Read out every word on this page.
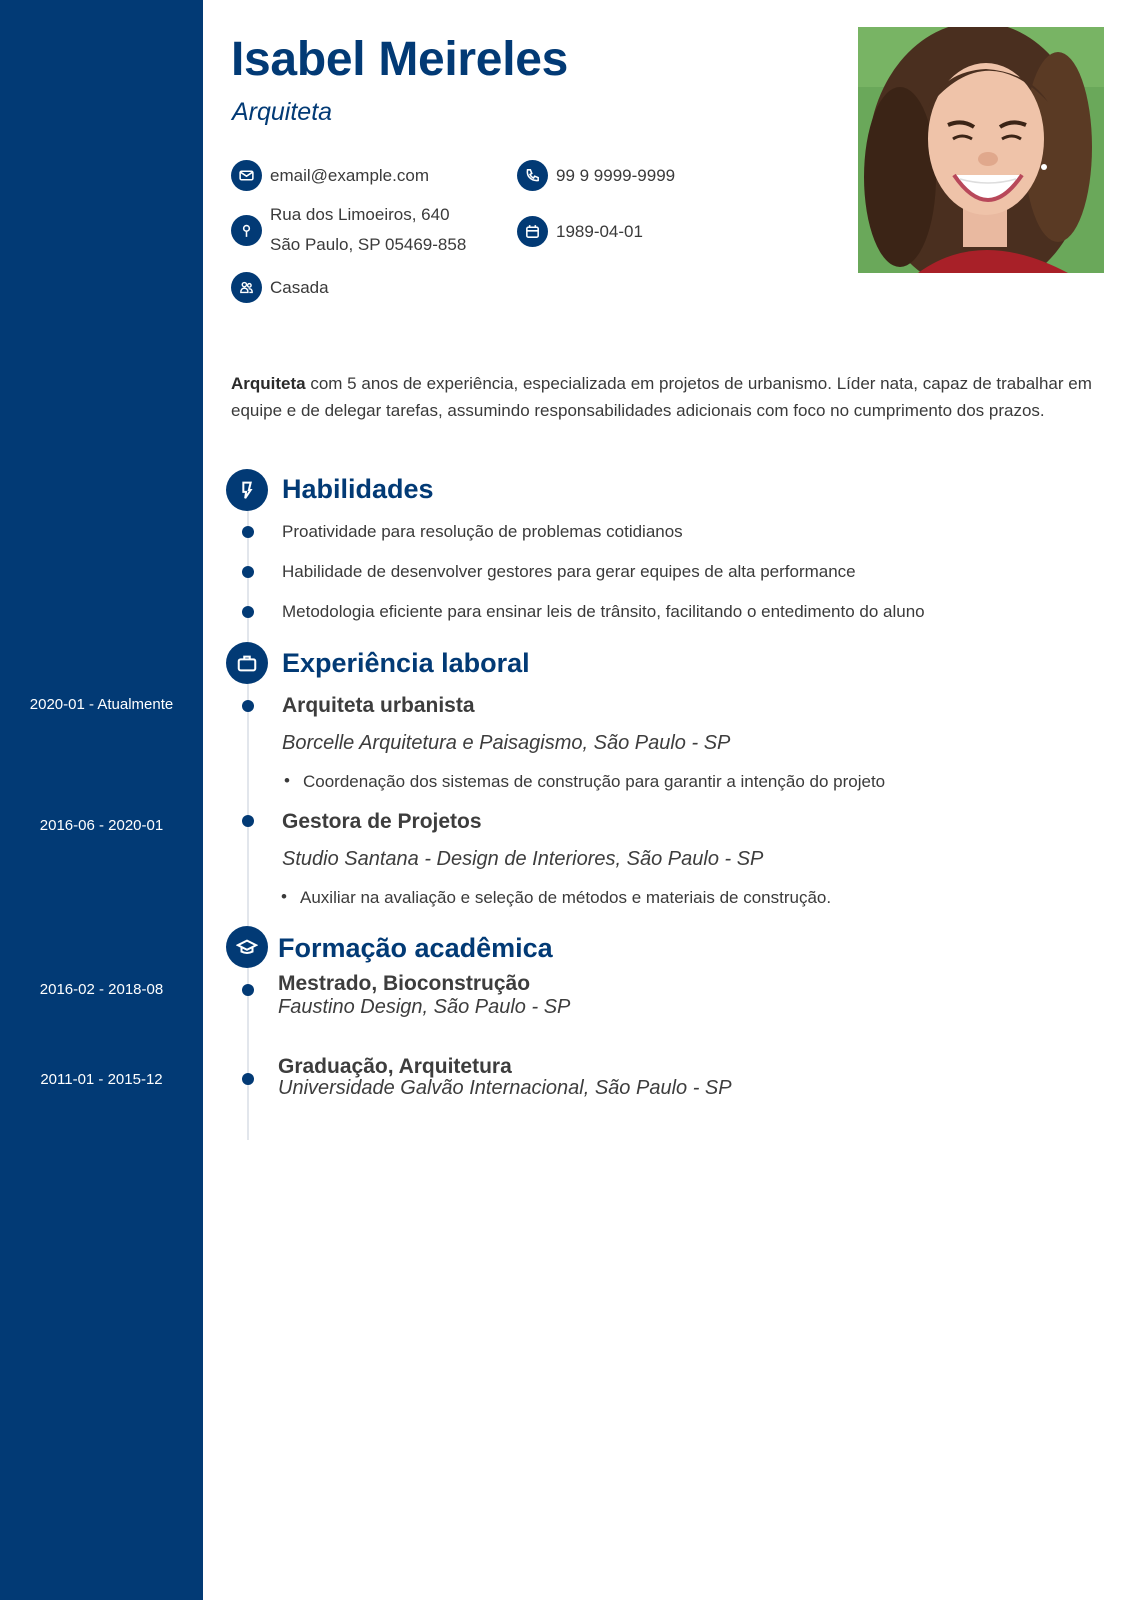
2020-01 - Atualmente
2016-06 - 2020-01
2016-02 - 2018-08
2011-01 - 2015-12
Isabel Meireles
Arquiteta
email@example.com	99 9 9999-9999
Rua dos Limoeiros, 640
São Paulo, SP 05469-858
1989-04-01
Casada
Arquiteta com 5 anos de experiência, especializada em projetos de urbanismo. Líder nata, capaz de trabalhar em equipe e de delegar tarefas, assumindo responsabilidades adicionais com foco no cumprimento dos prazos.
Habilidades
Proatividade para resolução de problemas cotidianos
Habilidade de desenvolver gestores para gerar equipes de alta performance
Metodologia eficiente para ensinar leis de trânsito, facilitando o entedimento do aluno
Experiência laboral
Arquiteta urbanista
Borcelle Arquitetura e Paisagismo, São Paulo - SP
• Coordenação dos sistemas de construção para garantir a intenção do projeto
Gestora de Projetos
Studio Santana - Design de Interiores, São Paulo - SP
• Auxiliar na avaliação e seleção de métodos e materiais de construção.
Formação acadêmica
Mestrado, Bioconstrução
Faustino Design, São Paulo - SP
Graduação, Arquitetura
Universidade Galvão Internacional, São Paulo - SP
